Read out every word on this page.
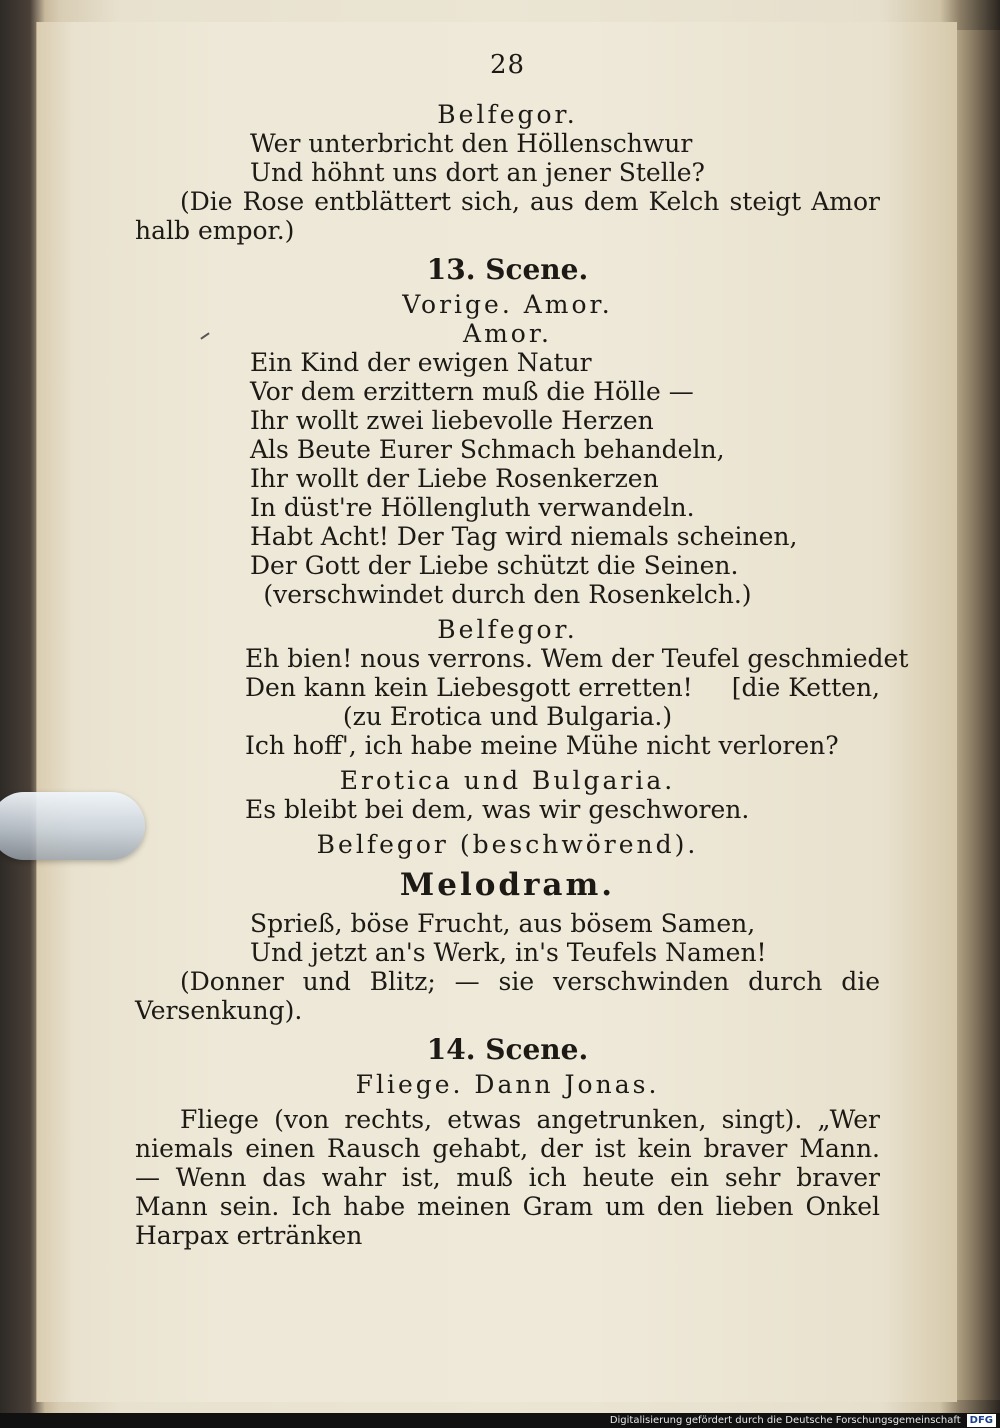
28
Belfegor.
Wer unterbricht den Höllenschwur
Und höhnt uns dort an jener Stelle?
(Die Rose entblättert sich, aus dem Kelch steigt Amor halb empor.)
13. Scene.
Vorige. Amor.
Amor.
Ein Kind der ewigen Natur
Vor dem erzittern muß die Hölle —
Ihr wollt zwei liebevolle Herzen
Als Beute Eurer Schmach behandeln,
Ihr wollt der Liebe Rosenkerzen
In düst're Höllengluth verwandeln.
Habt Acht! Der Tag wird niemals scheinen,
Der Gott der Liebe schützt die Seinen.
(verschwindet durch den Rosenkelch.)
Belfegor.
Eh bien! nous verrons. Wem der Teufel geschmiedet
Den kann kein Liebesgott erretten! [die Ketten,
(zu Erotica und Bulgaria.)
Ich hoff', ich habe meine Mühe nicht verloren?
Erotica und Bulgaria.
Es bleibt bei dem, was wir geschworen.
Belfegor (beschwörend).
Melodram.
Sprieß, böse Frucht, aus bösem Samen,
Und jetzt an's Werk, in's Teufels Namen!
(Donner und Blitz; — sie verschwinden durch die Versenkung).
14. Scene.
Fliege. Dann Jonas.
Fliege (von rechts, etwas angetrunken, singt). „Wer niemals einen Rausch gehabt, der ist kein braver Mann. — Wenn das wahr ist, muß ich heute ein sehr braver Mann sein. Ich habe meinen Gram um den lieben Onkel Harpax ertränken
Digitalisierung gefördert durch die Deutsche Forschungsgemeinschaft DFG
